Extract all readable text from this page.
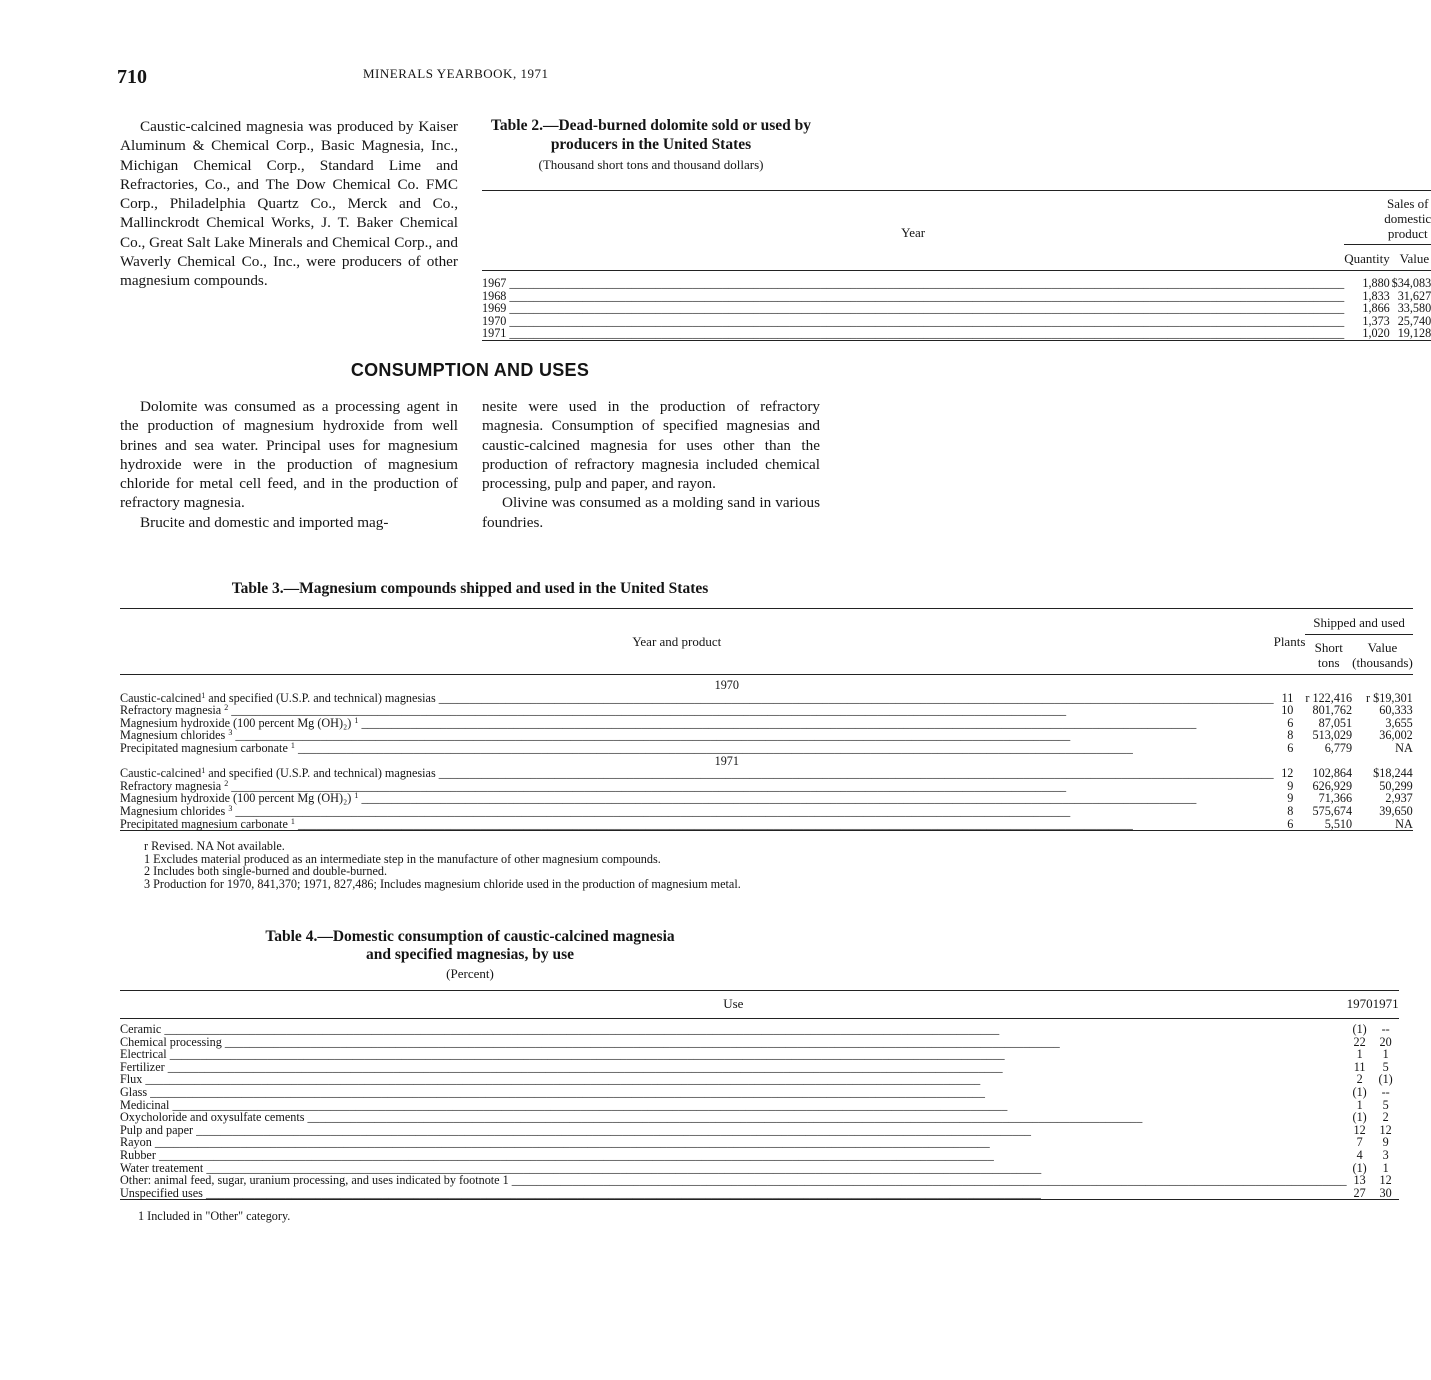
710	MINERALS YEARBOOK, 1971

Caustic-calcined magnesia was produced by Kaiser Aluminum & Chemical Corp., Basic Magnesia, Inc., Michigan Chemical Corp., Standard Lime and Refractories, Co., and The Dow Chemical Co. FMC Corp., Philadelphia Quartz Co., Merck and Co., Mallinckrodt Chemical Works, J. T. Baker Chemical Co., Great Salt Lake Minerals and Chemical Corp., and Waverly Chemical Co., Inc., were producers of other magnesium compounds.

Table 2.—Dead-burned dolomite sold or used by producers in the United States
(Thousand short tons and thousand dollars)
Year	Sales of domestic product	
	Quantity	Value

1967 _____	1,880	$34,083
1968 _____	1,833	31,627
1969 _____	1,866	33,580
1970 _____	1,373	25,740
1971 _____	1,020	19,128
CONSUMPTION AND USES

Dolomite was consumed as a processing agent in the production of magnesium hydroxide from well brines and sea water. Principal uses for magnesium hydroxide were in the production of magnesium chloride for metal cell feed, and in the production of refractory magnesia.

Brucite and domestic and imported mag-

nesite were used in the production of refractory magnesia. Consumption of specified magnesias and caustic-calcined magnesia for uses other than the production of refractory magnesia included chemical processing, pulp and paper, and rayon.

Olivine was consumed as a molding sand in various foundries.

Table 3.—Magnesium compounds shipped and used in the United States
Year and product	Plants	Shipped and used	
		Short tons	Value (thousands)

1970			
Caustic-calcined$^1$ and specified (U.S.P. and technical) magnesias _____	11	r 122,416	r $19,301
Refractory magnesia $^2$ _____	10	801,762	60,333
Magnesium hydroxide (100 percent Mg (OH)₂) $^1$ _____	6	87,051	3,655
Magnesium chlorides $^3$ _____	8	513,029	36,002
Precipitated magnesium carbonate $^1$ _____	6	6,779	NA
1971			
Caustic-calcined$^1$ and specified (U.S.P. and technical) magnesias _____	12	102,864	$18,244
Refractory magnesia $^2$ _____	9	626,929	50,299
Magnesium hydroxide (100 percent Mg (OH)₂) $^1$ _____	9	71,366	2,937
Magnesium chlorides $^3$ _____	8	575,674	39,650
Precipitated magnesium carbonate $^1$ _____	6	5,510	NA

r Revised. NA Not available.

1 Excludes material produced as an intermediate step in the manufacture of other magnesium compounds.

2 Includes both single-burned and double-burned.

3 Production for 1970, 841,370; 1971, 827,486; Includes magnesium chloride used in the production of magnesium metal.

Table 4.—Domestic consumption of caustic-calcined magnesia
and specified magnesias, by use
(Percent)
Use	1970	1971

Ceramic _____	(1)	--
Chemical processing _____	22	20
Electrical _____	1	1
Fertilizer _____	11	5
Flux _____	2	(1)
Glass _____	(1)	--
Medicinal _____	1	5
Oxycholoride and oxysulfate cements _____	(1)	2
Pulp and paper _____	12	12
Rayon _____	7	9
Rubber _____	4	3
Water treatement _____	(1)	1
Other: animal feed, sugar, uranium processing, and uses indicated by footnote 1 _____	13	12
Unspecified uses _____	27	30
1 Included in "Other" category.
